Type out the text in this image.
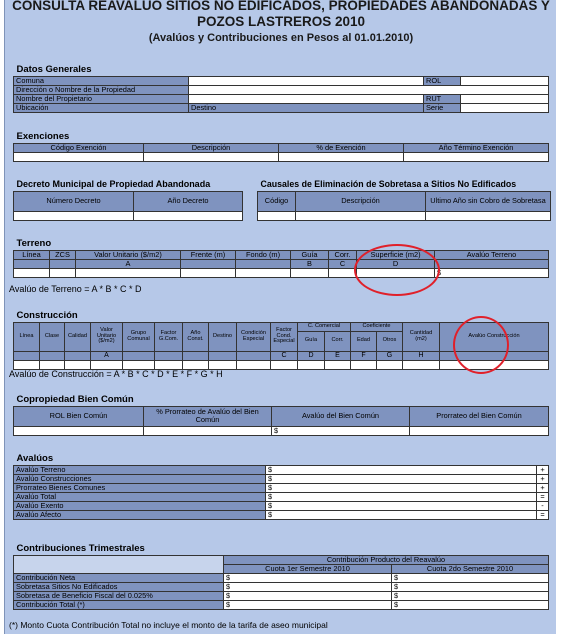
CONSULTA REAVALUO SITIOS NO EDIFICADOS, PROPIEDADES ABANDONADAS Y
POZOS LASTREROS 2010
(Avalúos y Contribuciones en Pesos al 01.01.2010)
Datos Generales			
Comuna		ROL	
Dirección o Nombre de la Propiedad			
Nombre del Propietario		RUT	
Ubicación	Destino	Serie	
Exenciones			
Código Exención	Descripción	% de Exención	Año Término Exención

Decreto Municipal de Propiedad Abandonada	
Número Decreto	Año Decreto

Causales de Eliminación de Sobretasa a Sitios No Edificados		
Código	Descripción	Ultimo Año sin Cobro de Sobretasa

Terreno								
Línea	ZCS	Valor Unitario ($/m2)	Frente (m)	Fondo (m)	Guía	Corr.	Superficie (m2)	Avalúo Terreno
		A			B	C	D	
								$
Avalúo de Terreno = A * B * C * D
Construcción															
Línea	Clase	Calidad	Valor Unitario ($/m2)	Grupo Comunal	Factor G.Com.	Año Const.	Destino	Condición Especial	Factor Cond. Especial	C. Comercial		Coeficiente		Cantidad (m2)	Avalúo Construcción
										Guía	Corr.	Edad	Otros		
			A						C	D	E	F	G	H	

Avalúo de Construcción = A * B * C * D * E * F * G * H
Copropiedad Bien Común			
ROL Bien Común	% Prorrateo de Avalúo del Bien Común	Avalúo del Bien Común	Prorrateo del Bien Común
		$	
Avalúos		
Avalúo Terreno	$	+
Avalúo Construcciones	$	+
Prorrateo Bienes Comunes	$	+
Avalúo Total	$	=
Avalúo Exento	$	-
Avalúo Afecto	$	=
Contribuciones Trimestrales		
	Contribución Producto del Reavalúo	
	Cuota 1er Semestre 2010	Cuota 2do Semestre 2010
Contribución Neta	$	$
Sobretasa Sitios No Edificados	$	$
Sobretasa de Beneficio Fiscal del 0.025%	$	$
Contribución Total (*)	$	$
(*) Monto Cuota Contribución Total no incluye el monto de la tarifa de aseo municipal
